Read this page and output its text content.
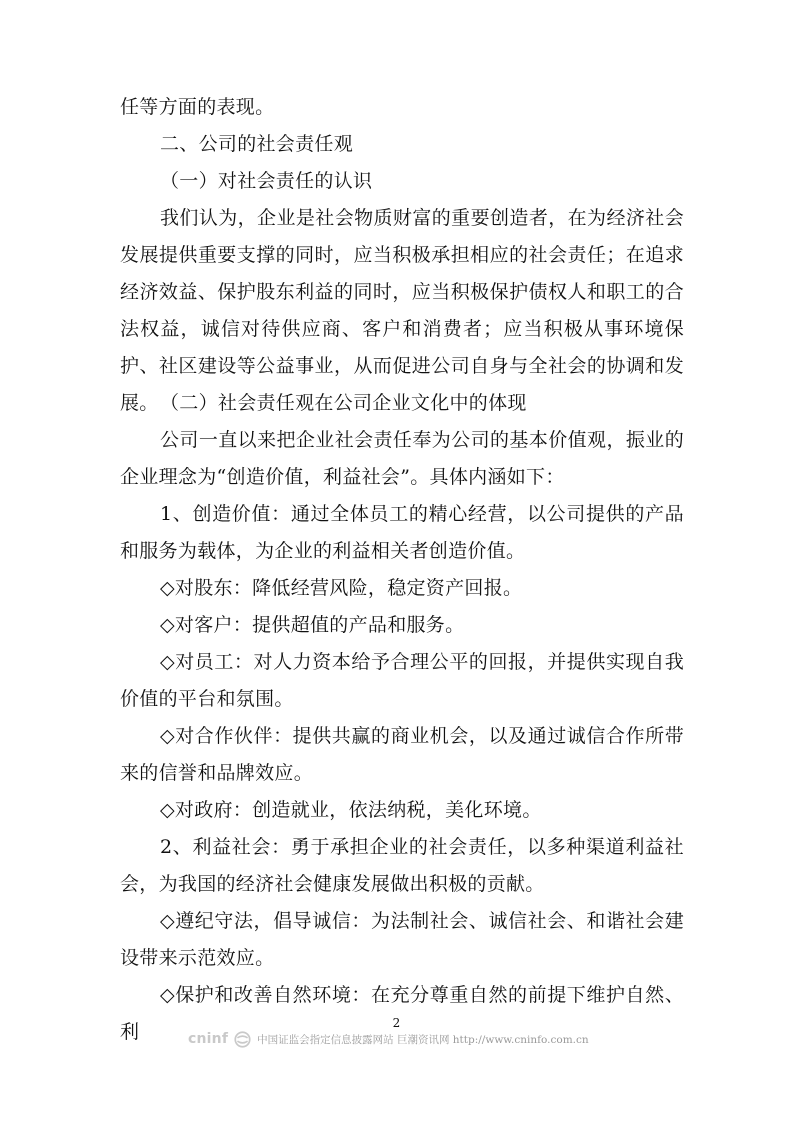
任等方面的表现。

二、公司的社会责任观

（一）对社会责任的认识

我们认为，企业是社会物质财富的重要创造者，在为经济社会发展提供重要支撑的同时，应当积极承担相应的社会责任；在追求经济效益、保护股东利益的同时，应当积极保护债权人和职工的合法权益，诚信对待供应商、客户和消费者；应当积极从事环境保护、社区建设等公益事业，从而促进公司自身与全社会的协调和发展。 （二）社会责任观在公司企业文化中的体现

公司一直以来把企业社会责任奉为公司的基本价值观，振业的企业理念为“创造价值，利益社会”。具体内涵如下：

1、创造价值：通过全体员工的精心经营，以公司提供的产品和服务为载体，为企业的利益相关者创造价值。

◇对股东：降低经营风险，稳定资产回报。

◇对客户：提供超值的产品和服务。

◇对员工：对人力资本给予合理公平的回报，并提供实现自我价值的平台和氛围。

◇对合作伙伴：提供共赢的商业机会，以及通过诚信合作所带来的信誉和品牌效应。

◇对政府：创造就业，依法纳税，美化环境。

2、利益社会：勇于承担企业的社会责任，以多种渠道利益社会，为我国的经济社会健康发展做出积极的贡献。

◇遵纪守法，倡导诚信：为法制社会、诚信社会、和谐社会建设带来示范效应。

◇保护和改善自然环境：在充分尊重自然的前提下维护自然、利	2
cninf	中国证监会指定信息披露网站 巨潮资讯网 http://www.cninfo.com.cn
